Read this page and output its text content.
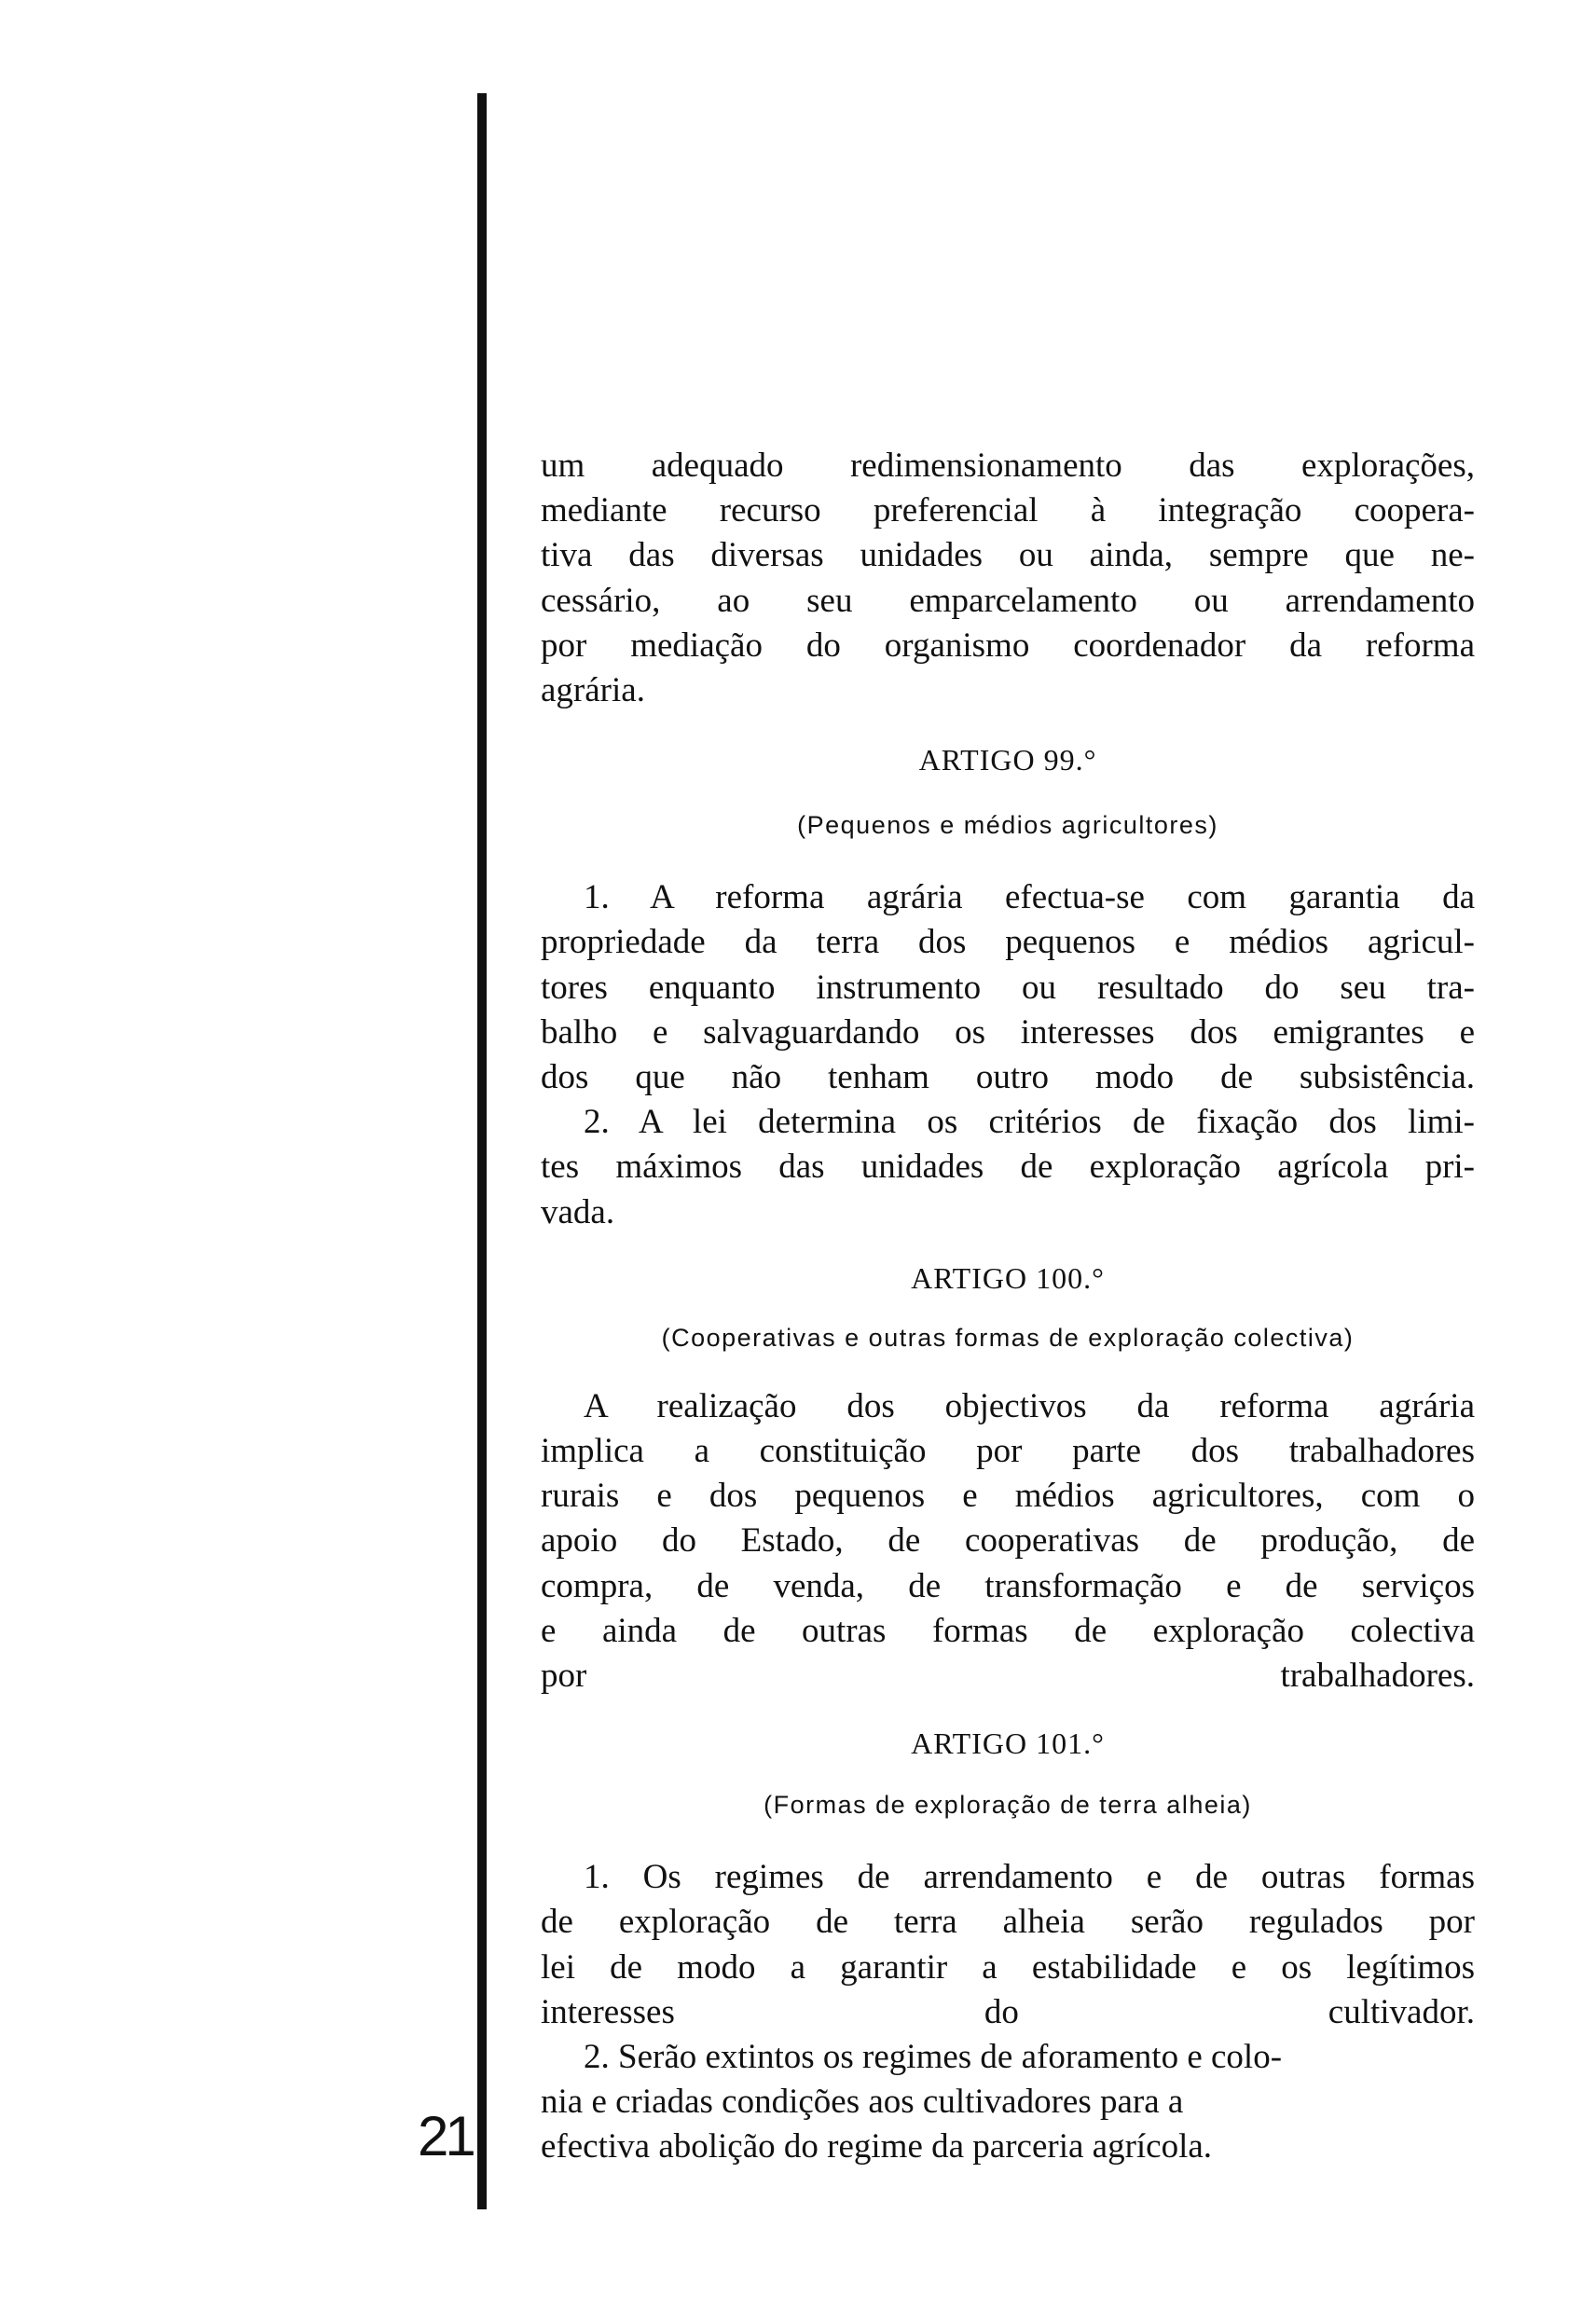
21

um adequado redimensionamento das explorações,
mediante recurso preferencial à integração coopera-
tiva das diversas unidades ou ainda, sempre que ne-
cessário, ao seu emparcelamento ou arrendamento
por mediação do organismo coordenador da reforma
agrária.

ARTIGO 99.°
(Pequenos e médios agricultores)

1. A reforma agrária efectua-se com garantia da
propriedade da terra dos pequenos e médios agricul-
tores enquanto instrumento ou resultado do seu tra-
balho e salvaguardando os interesses dos emigrantes e
dos que não tenham outro modo de subsistência.

2. A lei determina os critérios de fixação dos limi-
tes máximos das unidades de exploração agrícola pri-
vada.

ARTIGO 100.°
(Cooperativas e outras formas de exploração colectiva)

A realização dos objectivos da reforma agrária
implica a constituição por parte dos trabalhadores
rurais e dos pequenos e médios agricultores, com o
apoio do Estado, de cooperativas de produção, de
compra, de venda, de transformação e de serviços
e ainda de outras formas de exploração colectiva
por trabalhadores.

ARTIGO 101.°
(Formas de exploração de terra alheia)

1. Os regimes de arrendamento e de outras formas
de exploração de terra alheia serão regulados por
lei de modo a garantir a estabilidade e os legítimos
interesses do cultivador.

2. Serão extintos os regimes de aforamento e colo-
nia e criadas condições aos cultivadores para a
efectiva abolição do regime da parceria agrícola.
